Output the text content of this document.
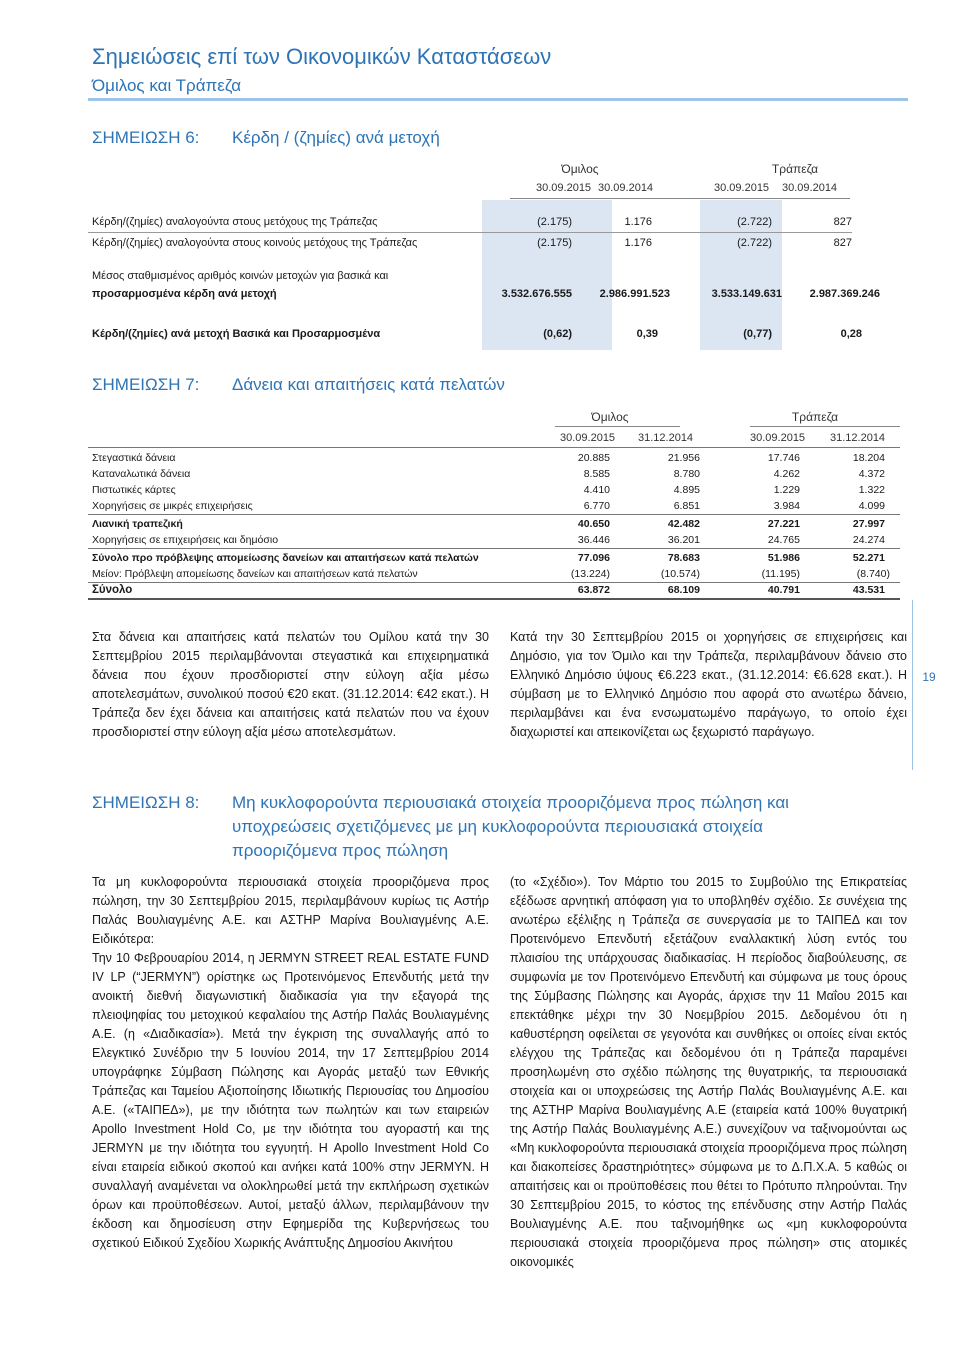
Σημειώσεις επί των Οικονομικών Καταστάσεων
Όμιλος και Τράπεζα
ΣΗΜΕΙΩΣΗ 6: Κέρδη / (ζημίες) ανά μετοχή
Όμιλος	Τράπεζα
30.09.2015 30.09.2014	30.09.2015 30.09.2014
Κέρδη/(ζημίες) αναλογούντα στους μετόχους της Τράπεζας	(2.175)	1.176	(2.722)	827
Κέρδη/(ζημίες) αναλογούντα στους κοινούς μετόχους της Τράπεζας	(2.175)	1.176	(2.722)	827
Μέσος σταθμισμένος αριθμός κοινών μετοχών για βασικά και
προσαρμοσμένα κέρδη ανά μετοχή	3.532.676.555	2.986.991.523	3.533.149.631	2.987.369.246
Κέρδη/(ζημίες) ανά μετοχή Βασικά και Προσαρμοσμένα	(0,62)	0,39	(0,77)	0,28
ΣΗΜΕΙΩΣΗ 7: Δάνεια και απαιτήσεις κατά πελατών
Όμιλος	Τράπεζα
30.09.2015 31.12.2014	30.09.2015 31.12.2014
Στεγαστικά δάνεια	20.885	21.956	17.746	18.204
Καταναλωτικά δάνεια	8.585	8.780	4.262	4.372
Πιστωτικές κάρτες	4.410	4.895	1.229	1.322
Χορηγήσεις σε μικρές επιχειρήσεις	6.770	6.851	3.984	4.099
Λιανική τραπεζική	40.650	42.482	27.221	27.997
Χορηγήσεις σε επιχειρήσεις και δημόσιο	36.446	36.201	24.765	24.274
Σύνολο προ πρόβλεψης απομείωσης δανείων και απαιτήσεων κατά πελατών	77.096	78.683	51.986	52.271
Μείον: Πρόβλεψη απομείωσης δανείων και απαιτήσεων κατά πελατών	(13.224)	(10.574)	(11.195)	(8.740)
Σύνολο	63.872	68.109	40.791	43.531
Στα δάνεια και απαιτήσεις κατά πελατών του Ομίλου κατά την 30 Σεπτεμβρίου 2015 περιλαμβάνονται στεγαστικά και επιχειρηματικά δάνεια που έχουν προσδιοριστεί στην εύλογη αξία μέσω αποτελεσμάτων, συνολικού ποσού €20 εκατ. (31.12.2014: €42 εκατ.). Η Τράπεζα δεν έχει δάνεια και απαιτήσεις κατά πελατών που να έχουν προσδιοριστεί στην εύλογη αξία μέσω αποτελεσμάτων.
Κατά την 30 Σεπτεμβρίου 2015 οι χορηγήσεις σε επιχειρήσεις και Δημόσιο, για τον Όμιλο και την Τράπεζα, περιλαμβάνουν δάνειο στο Ελληνικό Δημόσιο ύψους €6.223 εκατ., (31.12.2014: €6.628 εκατ.). Η σύμβαση με το Ελληνικό Δημόσιο που αφορά στο ανωτέρω δάνειο, περιλαμβάνει και ένα ενσωματωμένο παράγωγο, το οποίο έχει διαχωριστεί και απεικονίζεται ως ξεχωριστό παράγωγο.
19
ΣΗΜΕΙΩΣΗ 8: Μη κυκλοφορούντα περιουσιακά στοιχεία προοριζόμενα προς πώληση και
υποχρεώσεις σχετιζόμενες με μη κυκλοφορούντα περιουσιακά στοιχεία
προοριζόμενα προς πώληση
Τα μη κυκλοφορούντα περιουσιακά στοιχεία προοριζόμενα προς πώληση, την 30 Σεπτεμβρίου 2015, περιλαμβάνουν κυρίως τις Αστήρ Παλάς Βουλιαγμένης Α.Ε. και ΑΣΤΗΡ Μαρίνα Βουλιαγμένης Α.Ε. Ειδικότερα:
Την 10 Φεβρουαρίου 2014, η JERMYN STREET REAL ESTATE FUND IV LP (“JERMYN”) ορίστηκε ως Προτεινόμενος Επενδυτής μετά την ανοικτή διεθνή διαγωνιστική διαδικασία για την εξαγορά της πλειοψηφίας του μετοχικού κεφαλαίου της Αστήρ Παλάς Βουλιαγμένης Α.Ε. (η «Διαδικασία»). Μετά την έγκριση της συναλλαγής από το Ελεγκτικό Συνέδριο την 5 Ιουνίου 2014, την 17 Σεπτεμβρίου 2014 υπογράφηκε Σύμβαση Πώλησης και Αγοράς μεταξύ των Εθνικής Τράπεζας και Ταμείου Αξιοποίησης Ιδιωτικής Περιουσίας του Δημοσίου Α.Ε. («ΤΑΙΠΕΔ»), με την ιδιότητα των πωλητών και των εταιρειών Apollo Investment Hold Co, με την ιδιότητα του αγοραστή και της JERMYN με την ιδιότητα του εγγυητή. Η Apollo Investment Hold Co είναι εταιρεία ειδικού σκοπού και ανήκει κατά 100% στην JERMYN. Η συναλλαγή αναμένεται να ολοκληρωθεί μετά την εκπλήρωση σχετικών όρων και προϋποθέσεων. Αυτοί, μεταξύ άλλων, περιλαμβάνουν την έκδοση και δημοσίευση στην Εφημερίδα της Κυβερνήσεως του σχετικού Ειδικού Σχεδίου Χωρικής Ανάπτυξης Δημοσίου Ακινήτου
(το «Σχέδιο»). Τον Μάρτιο του 2015 το Συμβούλιο της Επικρατείας εξέδωσε αρνητική απόφαση για το υποβληθέν σχέδιο. Σε συνέχεια της ανωτέρω εξέλιξης η Τράπεζα σε συνεργασία με το ΤΑΙΠΕΔ και τον Προτεινόμενο Επενδυτή εξετάζουν εναλλακτική λύση εντός του πλαισίου της υπάρχουσας διαδικασίας. Η περίοδος διαβούλευσης, σε συμφωνία με τον Προτεινόμενο Επενδυτή και σύμφωνα με τους όρους της Σύμβασης Πώλησης και Αγοράς, άρχισε την 11 Μαΐου 2015 και επεκτάθηκε μέχρι την 30 Νοεμβρίου 2015. Δεδομένου ότι η καθυστέρηση οφείλεται σε γεγονότα και συνθήκες οι οποίες είναι εκτός ελέγχου της Τράπεζας και δεδομένου ότι η Τράπεζα παραμένει προσηλωμένη στο σχέδιο πώλησης της θυγατρικής, τα περιουσιακά στοιχεία και οι υποχρεώσεις της Αστήρ Παλάς Βουλιαγμένης Α.Ε. και της ΑΣΤΗΡ Μαρίνα Βουλιαγμένης Α.Ε (εταιρεία κατά 100% θυγατρική της Αστήρ Παλάς Βουλιαγμένης Α.Ε.) συνεχίζουν να ταξινομούνται ως «Μη κυκλοφορούντα περιουσιακά στοιχεία προοριζόμενα προς πώληση και διακοπείσες δραστηριότητες» σύμφωνα με το Δ.Π.Χ.Α. 5 καθώς οι απαιτήσεις και οι προϋποθέσεις που θέτει το Πρότυπο πληρούνται. Την 30 Σεπτεμβρίου 2015, το κόστος της επένδυσης στην Αστήρ Παλάς Βουλιαγμένης Α.Ε. που ταξινομήθηκε ως «μη κυκλοφορούντα περιουσιακά στοιχεία προοριζόμενα προς πώληση» στις ατομικές οικονομικές
